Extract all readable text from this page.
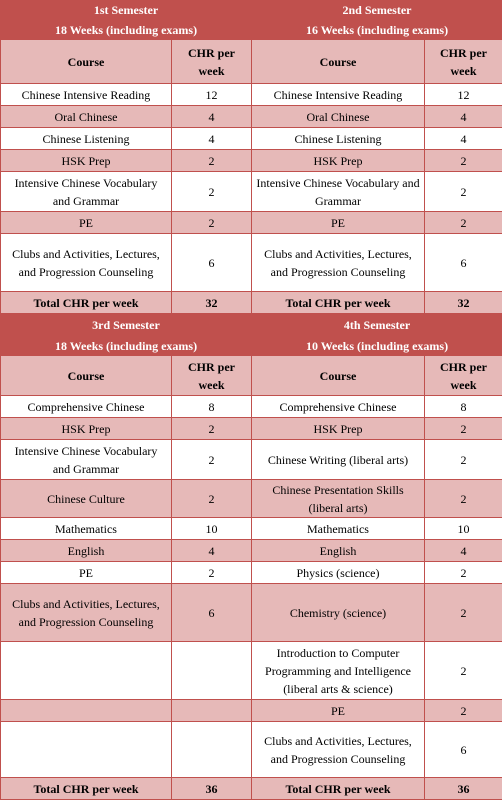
1st Semester		2nd Semester	
18 Weeks (including exams)		16 Weeks (including exams)	
Course	CHR per week	Course	CHR per week
Chinese Intensive Reading	12	Chinese Intensive Reading	12
Oral Chinese	4	Oral Chinese	4
Chinese Listening	4	Chinese Listening	4
HSK Prep	2	HSK Prep	2
Intensive Chinese Vocabulary and Grammar	2	Intensive Chinese Vocabulary and Grammar	2
PE	2	PE	2
Clubs and Activities, Lectures, and Progression Counseling	6	Clubs and Activities, Lectures, and Progression Counseling	6
Total CHR per week	32	Total CHR per week	32
3rd Semester		4th Semester	
18 Weeks (including exams)		10 Weeks (including exams)	
Course	CHR per week	Course	CHR per week
Comprehensive Chinese	8	Comprehensive Chinese	8
HSK Prep	2	HSK Prep	2
Intensive Chinese Vocabulary and Grammar	2	Chinese Writing (liberal arts)	2
Chinese Culture	2	Chinese Presentation Skills (liberal arts)	2
Mathematics	10	Mathematics	10
English	4	English	4
PE	2	Physics (science)	2
Clubs and Activities, Lectures, and Progression Counseling	6	Chemistry (science)	2
		Introduction to Computer Programming and Intelligence (liberal arts & science)	2
		PE	2
		Clubs and Activities, Lectures, and Progression Counseling	6
Total CHR per week	36	Total CHR per week	36
